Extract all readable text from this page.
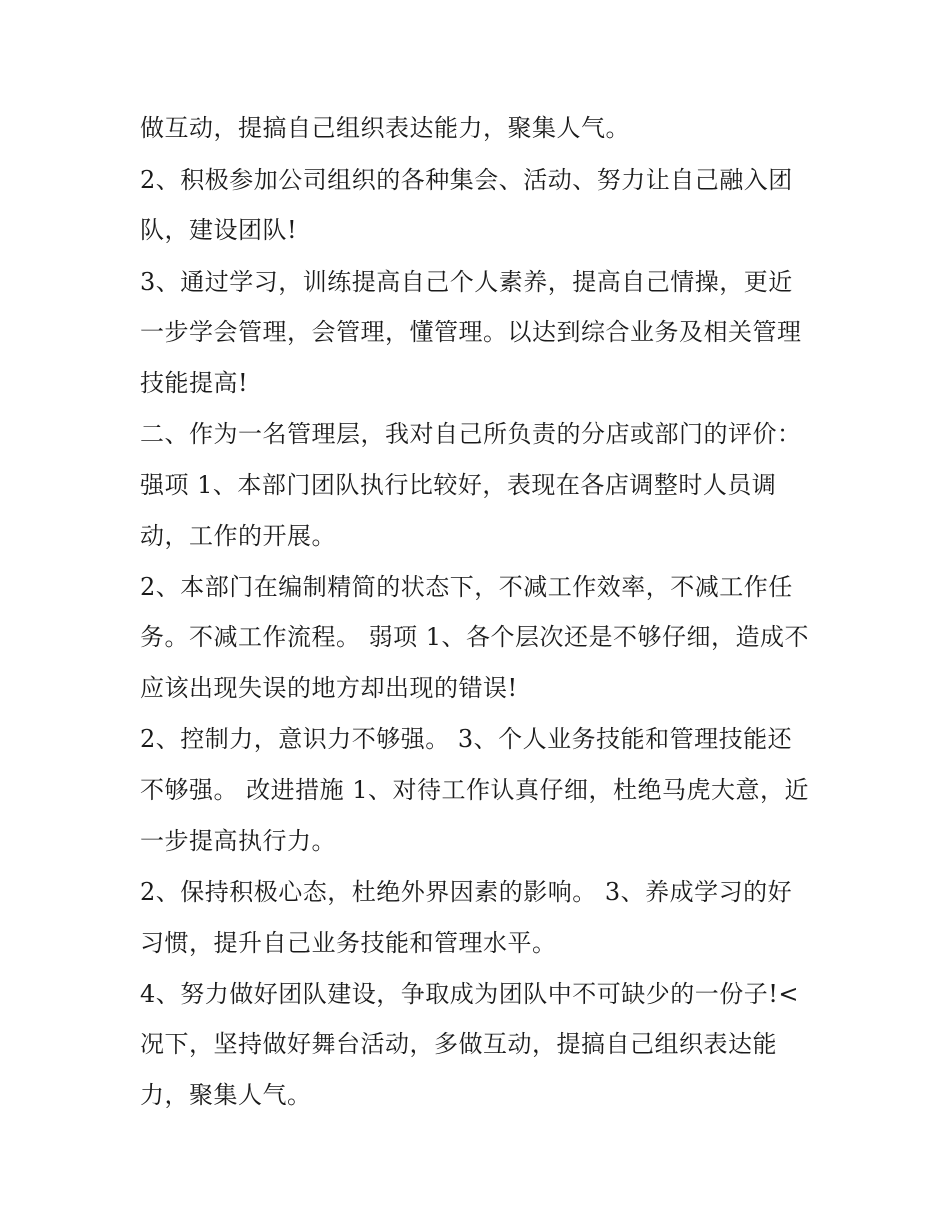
做互动，提搞自己组织表达能力，聚集人气。
2、积极参加公司组织的各种集会、活动、努力让自己融入团
队，建设团队!
3、通过学习，训练提高自己个人素养，提高自己情操，更近
一步学会管理，会管理，懂管理。以达到综合业务及相关管理
技能提高!
二、作为一名管理层，我对自己所负责的分店或部门的评价：
强项 1、本部门团队执行比较好，表现在各店调整时人员调
动，工作的开展。
2、本部门在编制精简的状态下，不减工作效率，不减工作任
务。不减工作流程。 弱项 1、各个层次还是不够仔细，造成不
应该出现失误的地方却出现的错误!
2、控制力，意识力不够强。 3、个人业务技能和管理技能还
不够强。 改进措施 1、对待工作认真仔细，杜绝马虎大意，近
一步提高执行力。
2、保持积极心态，杜绝外界因素的影响。 3、养成学习的好
习惯，提升自己业务技能和管理水平。
4、努力做好团队建设，争取成为团队中不可缺少的一份子!<
况下，坚持做好舞台活动，多做互动，提搞自己组织表达能
力，聚集人气。
